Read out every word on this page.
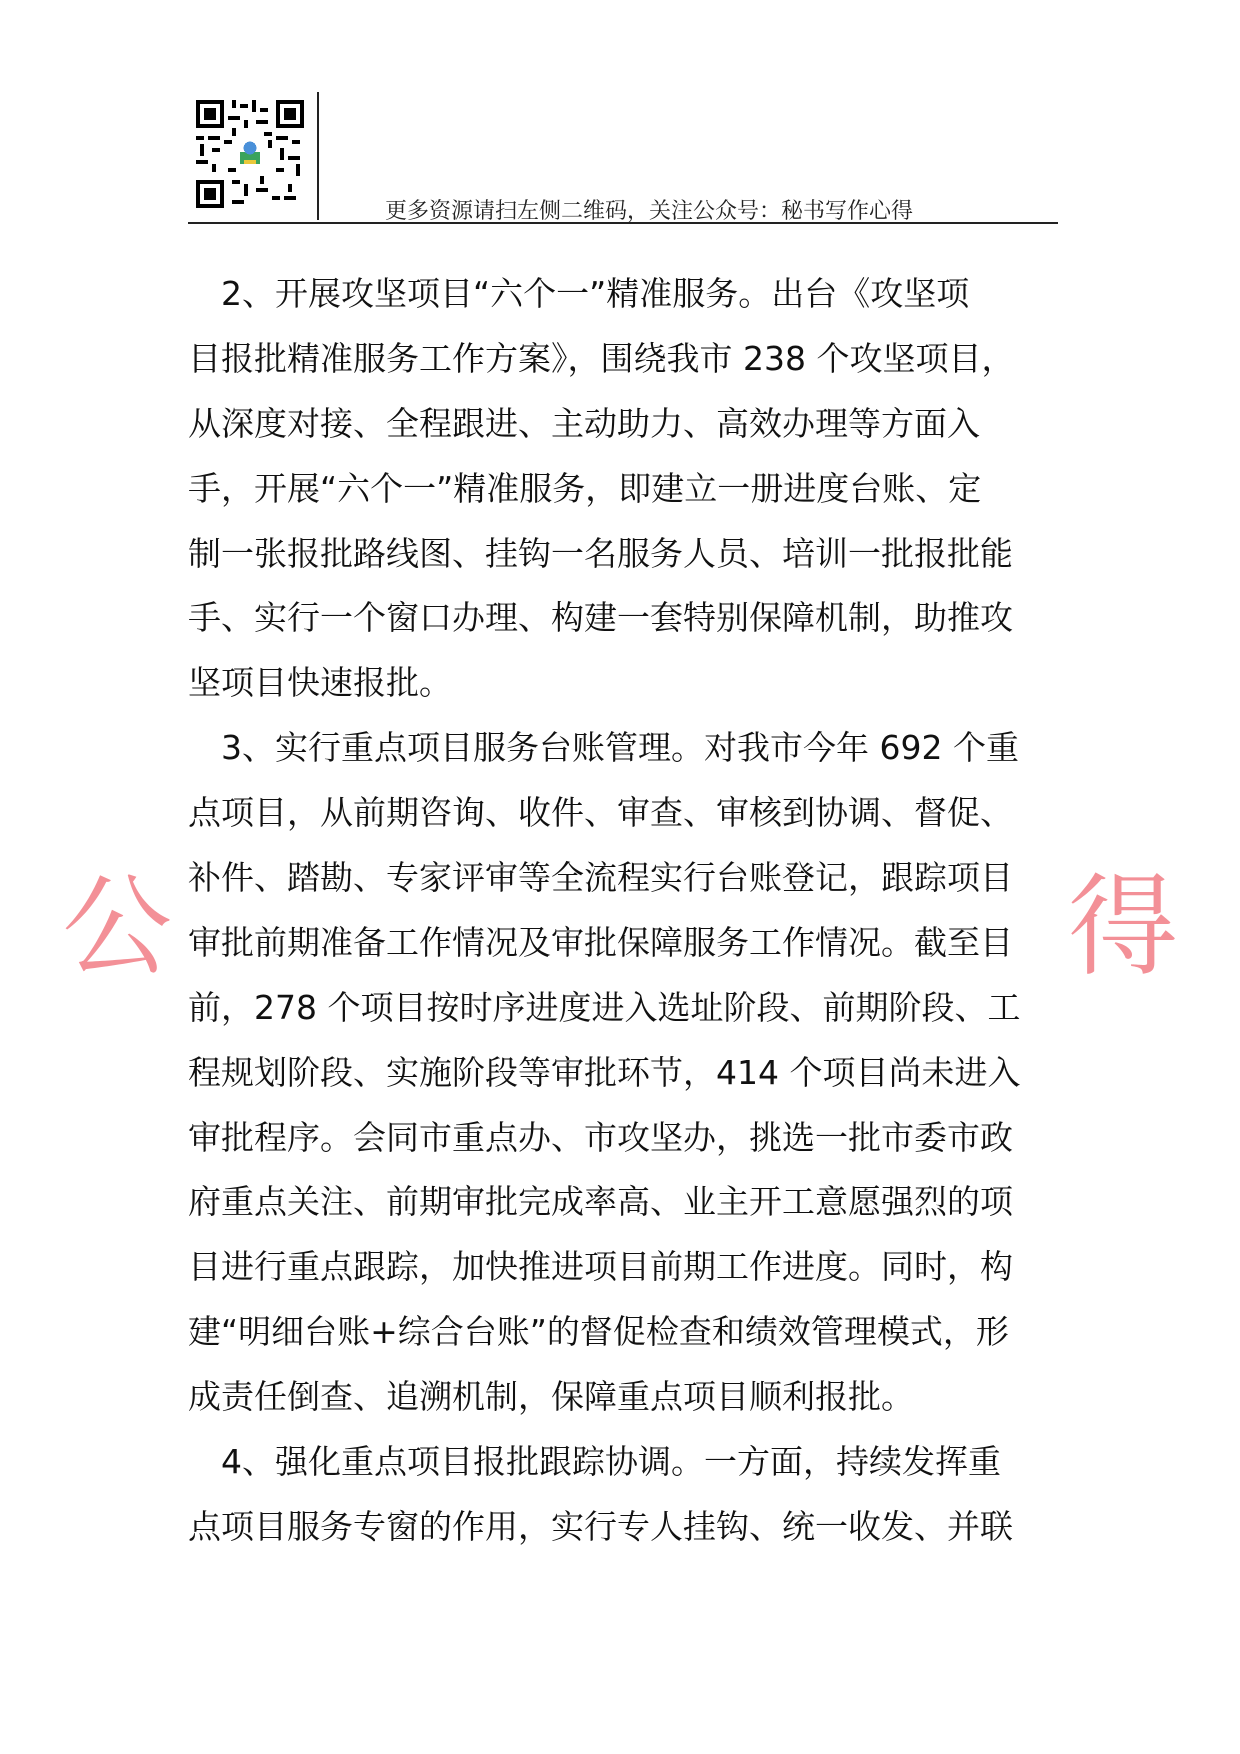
更多资源请扫左侧二维码，关注公众号：秘书写作心得
　2、开展攻坚项目“六个一”精准服务。出台《攻坚项
目报批精准服务工作方案》，围绕我市 238 个攻坚项目，
从深度对接、全程跟进、主动助力、高效办理等方面入
手，开展“六个一”精准服务，即建立一册进度台账、定
制一张报批路线图、挂钩一名服务人员、培训一批报批能
手、实行一个窗口办理、构建一套特别保障机制，助推攻
坚项目快速报批。
　3、实行重点项目服务台账管理。对我市今年 692 个重
点项目，从前期咨询、收件、审查、审核到协调、督促、
补件、踏勘、专家评审等全流程实行台账登记，跟踪项目
审批前期准备工作情况及审批保障服务工作情况。截至目
前，278 个项目按时序进度进入选址阶段、前期阶段、工
程规划阶段、实施阶段等审批环节，414 个项目尚未进入
审批程序。会同市重点办、市攻坚办，挑选一批市委市政
府重点关注、前期审批完成率高、业主开工意愿强烈的项
目进行重点跟踪，加快推进项目前期工作进度。同时，构
建“明细台账+综合台账”的督促检查和绩效管理模式，形
成责任倒查、追溯机制，保障重点项目顺利报批。
　4、强化重点项目报批跟踪协调。一方面，持续发挥重
点项目服务专窗的作用，实行专人挂钩、统一收发、并联
公	得
